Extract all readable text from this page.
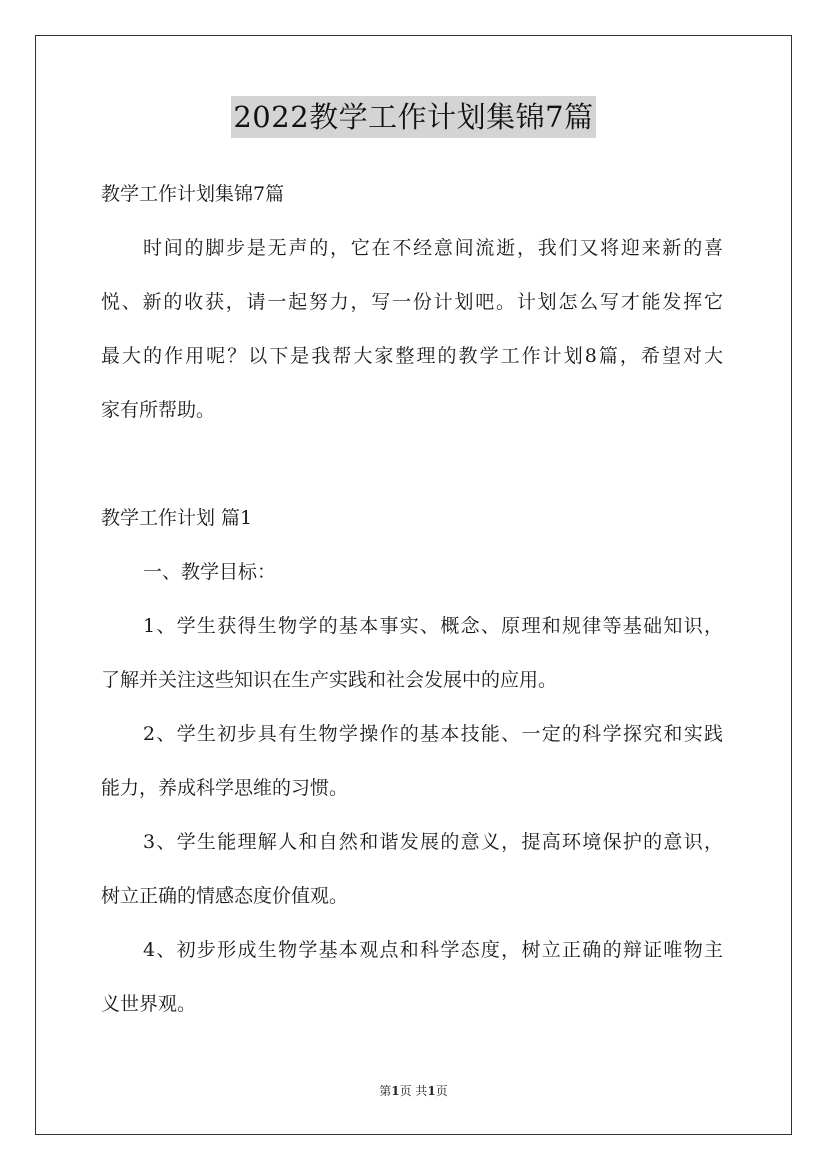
2022教学工作计划集锦7篇
教学工作计划集锦7篇
时间的脚步是无声的，它在不经意间流逝，我们又将迎来新的喜
悦、新的收获，请一起努力，写一份计划吧。计划怎么写才能发挥它
最大的作用呢？以下是我帮大家整理的教学工作计划8篇，希望对大
家有所帮助。
教学工作计划 篇1
一、教学目标：
1、学生获得生物学的基本事实、概念、原理和规律等基础知识，
了解并关注这些知识在生产实践和社会发展中的应用。
2、学生初步具有生物学操作的基本技能、一定的科学探究和实践
能力，养成科学思维的习惯。
3、学生能理解人和自然和谐发展的意义，提高环境保护的意识，
树立正确的情感态度价值观。
4、初步形成生物学基本观点和科学态度，树立正确的辩证唯物主
义世界观。
第1页 共1页
